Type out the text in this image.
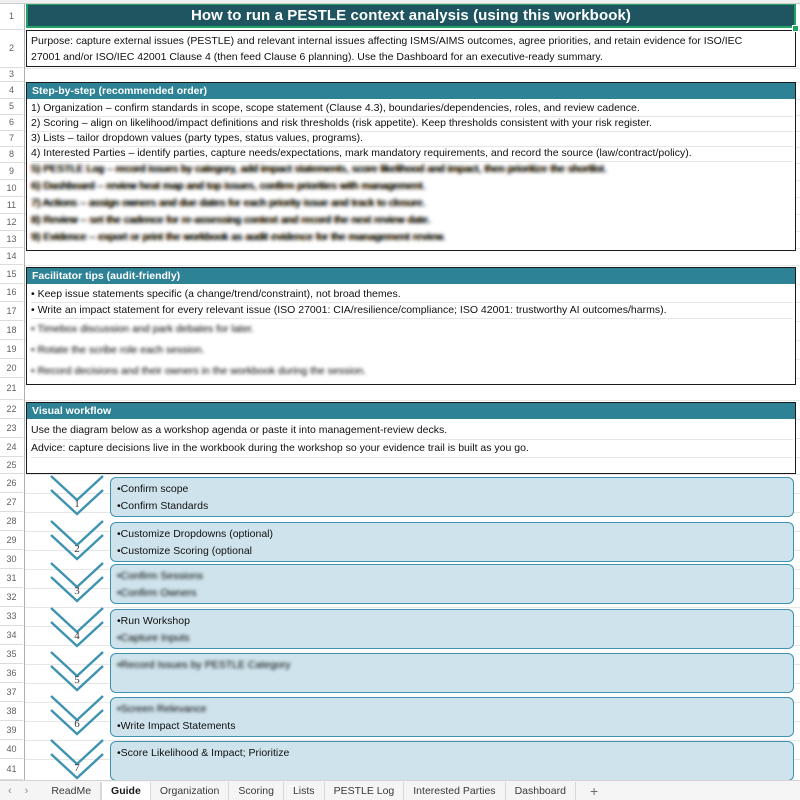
1
2
3
4
5
6
7
8
9
10
11
12
13
14
15
16
17
18
19
20
21
22
23
24
25
26
27
28
29
30
31
32
33
34
35
36
37
38
39
40
41
How to run a PESTLE context analysis (using this workbook)
Purpose: capture external issues (PESTLE) and relevant internal issues affecting ISMS/AIMS outcomes, agree priorities, and retain evidence for ISO/IEC
27001 and/or ISO/IEC 42001 Clause 4 (then feed Clause 6 planning). Use the Dashboard for an executive-ready summary.
Step-by-step (recommended order)
1) Organization – confirm standards in scope, scope statement (Clause 4.3), boundaries/dependencies, roles, and review cadence.
2) Scoring – align on likelihood/impact definitions and risk thresholds (risk appetite). Keep thresholds consistent with your risk register.
3) Lists – tailor dropdown values (party types, status values, programs).
4) Interested Parties – identify parties, capture needs/expectations, mark mandatory requirements, and record the source (law/contract/policy).
5) PESTLE Log – record issues by category, add impact statements, score likelihood and impact, then prioritize the shortlist.
6) Dashboard – review heat map and top issues, confirm priorities with management.
7) Actions – assign owners and due dates for each priority issue and track to closure.
8) Review – set the cadence for re-assessing context and record the next review date.
9) Evidence – export or print the workbook as audit evidence for the management review.
Facilitator tips (audit-friendly)
• Keep issue statements specific (a change/trend/constraint), not broad themes.
• Write an impact statement for every relevant issue (ISO 27001: CIA/resilience/compliance; ISO 42001: trustworthy AI outcomes/harms).
• Timebox discussion and park debates for later.
• Rotate the scribe role each session.
• Record decisions and their owners in the workbook during the session.
Visual workflow
Use the diagram below as a workshop agenda or paste it into management-review decks.
Advice: capture decisions live in the workbook during the workshop so your evidence trail is built as you go.
1
•Confirm scope
•Confirm Standards
2
•Customize Dropdowns (optional)
•Customize Scoring (optional
3
•Confirm Sessions
•Confirm Owners
4
•Run Workshop
•Capture Inputs
5
•Record Issues by PESTLE Category
6
•Screen Relevance
•Write Impact Statements
7
•Score Likelihood & Impact; Prioritize
‹ ›	ReadMe	Guide	Organization	Scoring	Lists	PESTLE Log	Interested Parties	Dashboard	+
